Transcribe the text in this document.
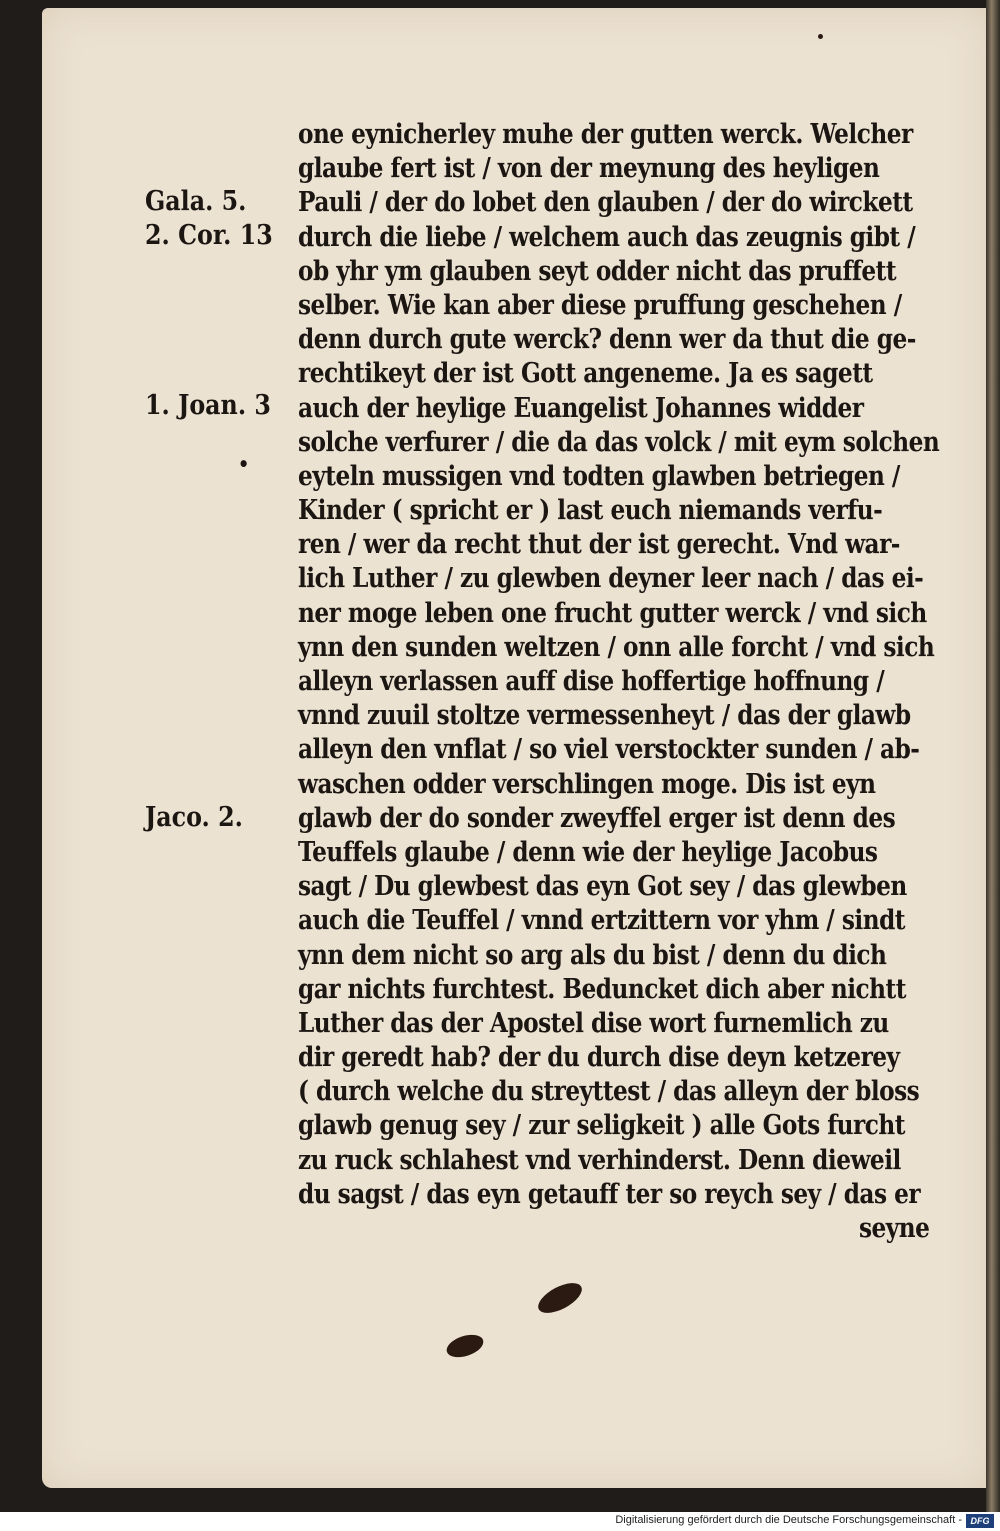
Gala. 5.
2. Cor. 13
1. Joan. 3
•
Jaco. 2.
one eynicherley muhe der gutten werck. Welcher
glaube fert ist / von der meynung des heyligen
Pauli / der do lobet den glauben / der do wirckett
durch die liebe / welchem auch das zeugnis gibt /
ob yhr ym glauben seyt odder nicht das pruffett
selber. Wie kan aber diese pruffung geschehen /
denn durch gute werck? denn wer da thut die ge-
rechtikeyt der ist Gott angeneme. Ja es sagett
auch der heylige Euangelist Johannes widder
solche verfurer / die da das volck / mit eym solchen
eyteln mussigen vnd todten glawben betriegen /
Kinder ( spricht er ) last euch niemands verfu-
ren / wer da recht thut der ist gerecht. Vnd war-
lich Luther / zu glewben deyner leer nach / das ei-
ner moge leben one frucht gutter werck / vnd sich
ynn den sunden weltzen / onn alle forcht / vnd sich
alleyn verlassen auff dise hoffertige hoffnung /
vnnd zuuil stoltze vermessenheyt / das der glawb
alleyn den vnflat / so viel verstockter sunden / ab-
waschen odder verschlingen moge. Dis ist eyn
glawb der do sonder zweyffel erger ist denn des
Teuffels glaube / denn wie der heylige Jacobus
sagt / Du glewbest das eyn Got sey / das glewben
auch die Teuffel / vnnd ertzittern vor yhm / sindt
ynn dem nicht so arg als du bist / denn du dich
gar nichts furchtest. Beduncket dich aber nichtt
Luther das der Apostel dise wort furnemlich zu
dir geredt hab? der du durch dise deyn ketzerey
( durch welche du streyttest / das alleyn der bloss
glawb genug sey / zur seligkeit ) alle Gots furcht
zu ruck schlahest vnd verhinderst. Denn dieweil
du sagst / das eyn getauff ter so reych sey / das er
seyne
Digitalisierung gefördert durch die Deutsche Forschungsgemeinschaft - DFG
